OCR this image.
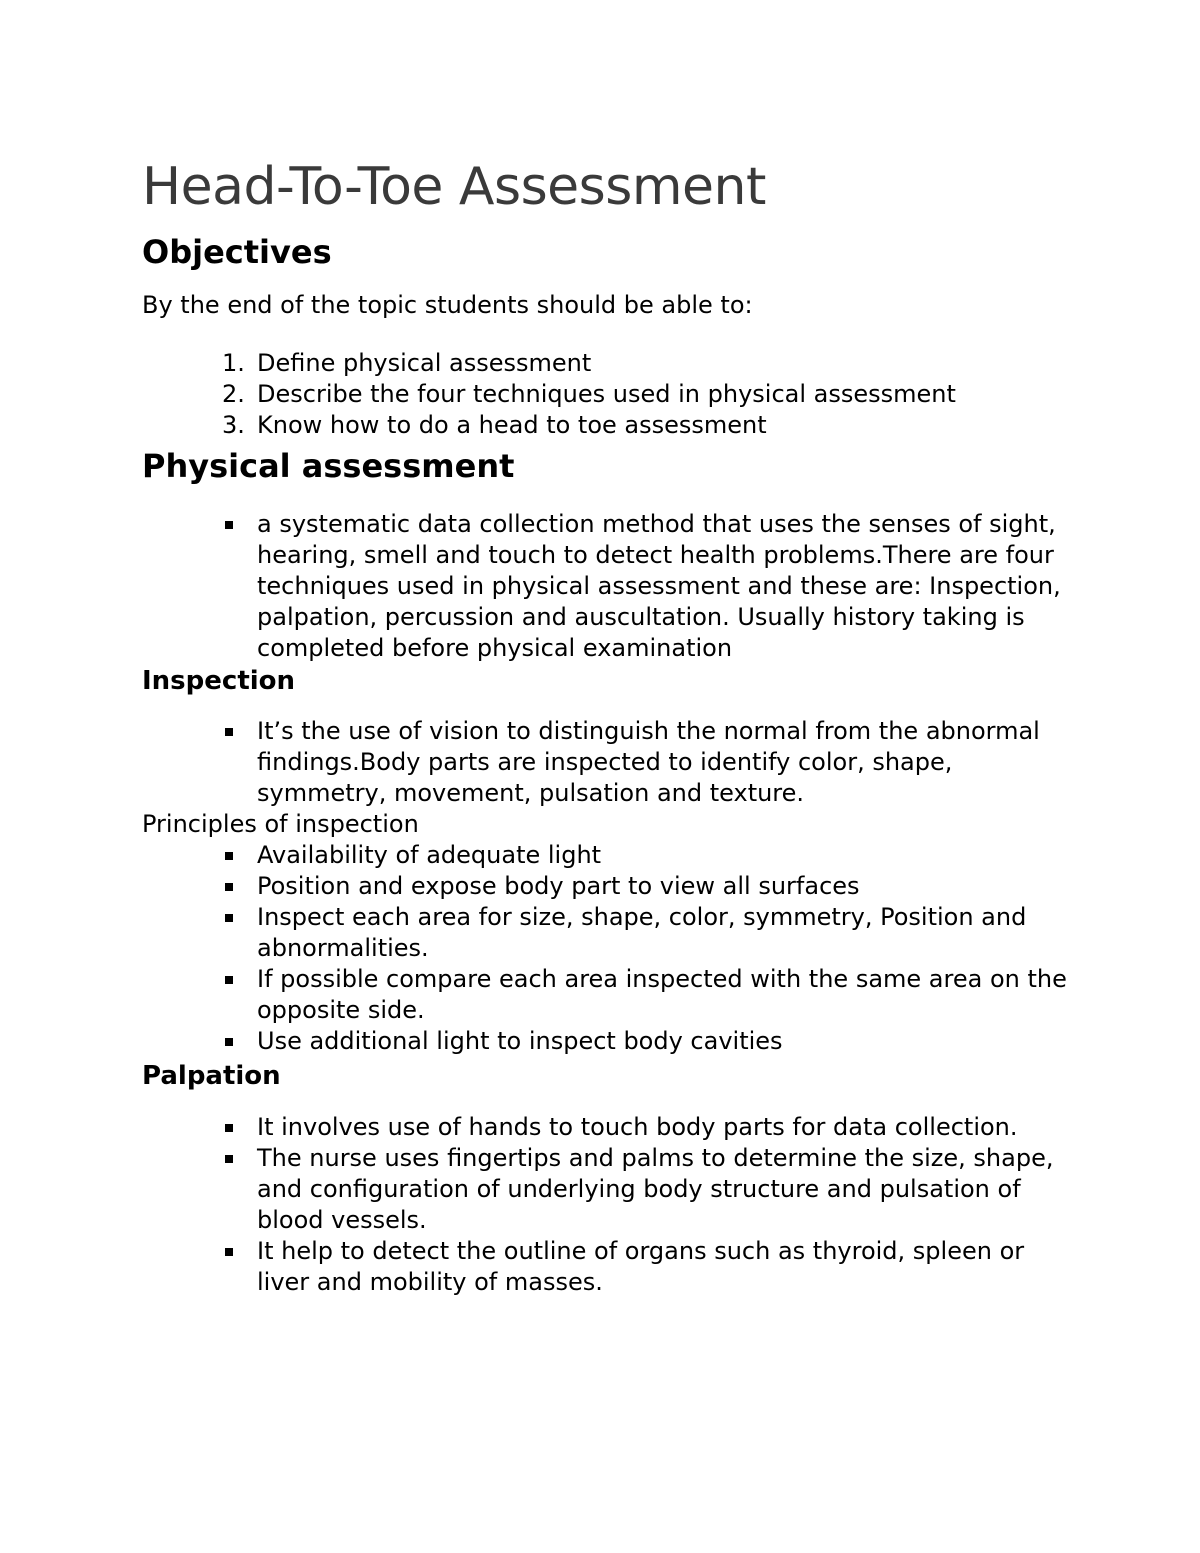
Head-To-Toe Assessment
Objectives

By the end of the topic students should be able to:

1. Define physical assessment
2. Describe the four techniques used in physical assessment
3. Know how to do a head to toe assessment
Physical assessment
a systematic data collection method that uses the senses of sight, hearing, smell and touch to detect health problems.There are four techniques used in physical assessment and these are: Inspection, palpation, percussion and auscultation. Usually history taking is completed before physical examination
Inspection
It’s the use of vision to distinguish the normal from the abnormal findings.Body parts are inspected to identify color, shape, symmetry, movement, pulsation and texture.

Principles of inspection

Availability of adequate light
Position and expose body part to view all surfaces
Inspect each area for size, shape, color, symmetry, Position and abnormalities.
If possible compare each area inspected with the same area on the opposite side.
Use additional light to inspect body cavities
Palpation
It involves use of hands to touch body parts for data collection.
The nurse uses fingertips and palms to determine the size, shape, and configuration of underlying body structure and pulsation of blood vessels.
It help to detect the outline of organs such as thyroid, spleen or liver and mobility of masses.
